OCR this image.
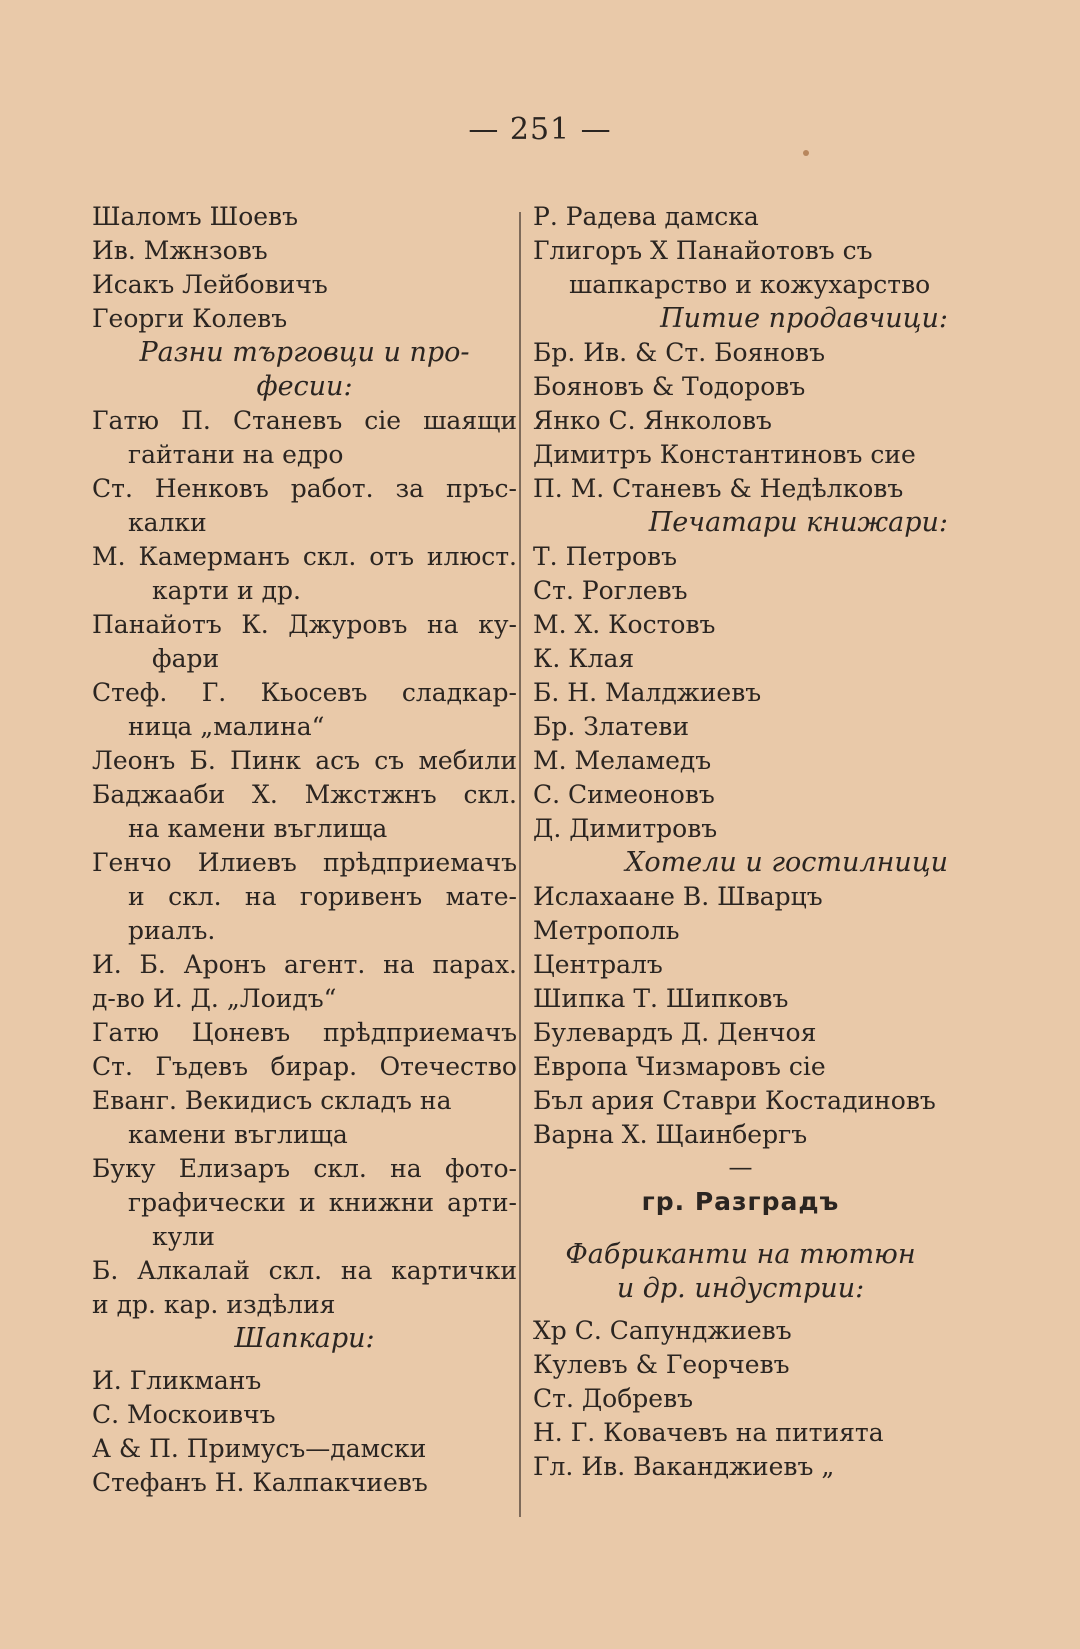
— 251 —
Шаломъ Шоевъ
Ив. Мжнзовъ
Исакъ Лейбовичъ
Георги Колевъ
Разни търговци и про-
фесии:
Гатю П. Станевъ сie шаящи
гайтани на едро
Ст. Ненковъ работ. за пръс-
калки
М. Камерманъ скл. отъ илюст.
карти и др.
Панайотъ К. Джуровъ на ку-
фари
Стеф. Г. Кьосевъ сладкар-
ница „малина“
Леонъ Б. Пинк асъ съ мебили
Баджааби Х. Мжстжнъ скл.
на камени въглища
Генчо Илиевъ прѣдприемачъ
и скл. на горивенъ мате-
риалъ.
И. Б. Аронъ агент. на парах.
д-во И. Д. „Лоидъ“
Гатю Цоневъ прѣдприемачъ
Ст. Гъдевъ бирар. Отечество
Еванг. Векидисъ складъ на
камени въглища
Буку Елизаръ скл. на фото-
графически и книжни арти-
кули
Б. Алкалай скл. на картички
и др. кар. издѣлия
Шапкари:
И. Гликманъ
С. Москоивчъ
А & П. Примусъ—дамски
Стефанъ Н. Калпакчиевъ
Р. Радева дамска
Глигоръ Х Панайотовъ съ
шапкарство и кожухарство
Питие продавчици:
Бр. Ив. & Ст. Бояновъ
Бояновъ & Тодоровъ
Янко С. Янколовъ
Димитръ Константиновъ сие
П. М. Станевъ & Недѣлковъ
Печатари книжари:
Т. Петровъ
Ст. Роглевъ
М. Х. Костовъ
К. Клая
Б. Н. Малджиевъ
Бр. Златеви
М. Меламедъ
С. Симеоновъ
Д. Димитровъ
Хотели и гостилници
Ислахаане В. Шварцъ
Метрополь
Централъ
Шипка Т. Шипковъ
Булевардъ Д. Денчоя
Европа Чизмаровъ сie
Бъл ария Ставри Костадиновъ
Варна Х. Щаинбергъ
—
гр. Разградъ
Фабриканти на тютюн
и др. индустрии:
Хр С. Сапунджиевъ
Кулевъ & Георчевъ
Ст. Добревъ
Н. Г. Ковачевъ на питията
Гл. Ив. Ваканджиевъ „
